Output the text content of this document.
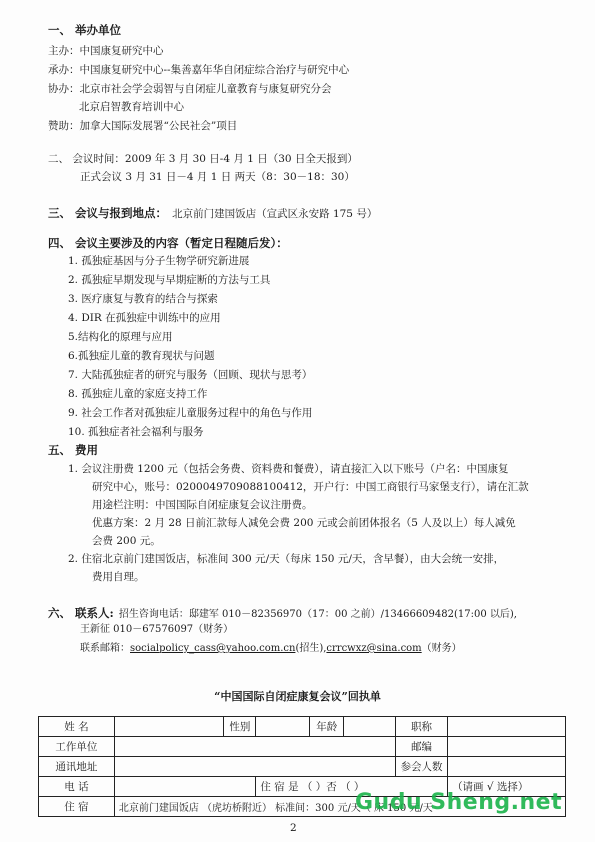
一、 举办单位
主办：中国康复研究中心
承办：中国康复研究中心--集善嘉年华自闭症综合治疗与研究中心
协办：北京市社会学会弱智与自闭症儿童教育与康复研究分会
北京启智教育培训中心
赞助：加拿大国际发展署“公民社会”项目
二、 会议时间：2009 年 3 月 30 日-4 月 1 日（30 日全天报到）
正式会议 3 月 31 日－4 月 1 日 两天（8：30－18：30）
三、 会议与报到地点： 北京前门建国饭店（宣武区永安路 175 号）
四、 会议主要涉及的内容（暂定日程随后发）：
1. 孤独症基因与分子生物学研究新进展
2. 孤独症早期发现与早期症断的方法与工具
3. 医疗康复与教育的结合与探索
4. DIR 在孤独症中训练中的应用
5.结构化的原理与应用
6.孤独症儿童的教育现状与问题
7. 大陆孤独症者的研究与服务（回顾、现状与思考）
8. 孤独症儿童的家庭支持工作
9. 社会工作者对孤独症儿童服务过程中的角色与作用
10. 孤独症者社会福利与服务
五、 费用
1. 会议注册费 1200 元（包括会务费、资料费和餐费），请直接汇入以下账号（户名：中国康复
研究中心，账号：0200049709088100412，开户行：中国工商银行马家堡支行），请在汇款
用途栏注明：中国国际自闭症康复会议注册费。
优惠方案：2 月 28 日前汇款每人减免会费 200 元或会前团体报名（5 人及以上）每人减免
会费 200 元。
2. 住宿北京前门建国饭店，标准间 300 元/天（每床 150 元/天，含早餐），由大会统一安排，
费用自理。
六、 联系人: 招生咨询电话：邸建军 010－82356970（17：00 之前）/13466609482(17:00 以后),
王新征 010－67576097（财务）
联系邮箱：socialpolicy_cass@yahoo.com.cn(招生),crrcwxz@sina.com（财务）
“中国国际自闭症康复会议”回执单
姓 名		性别		年龄		职称	
工作单位						邮编	
通讯地址						参会人数	
电 话			住 宿 是 （ ）否 （ ）				（请画 √ 选择）
住 宿	北京前门建国饭店 （虎坊桥附近） 标准间：300 元/天（ 床 150 元/天						
Gudu Sheng.net
2
